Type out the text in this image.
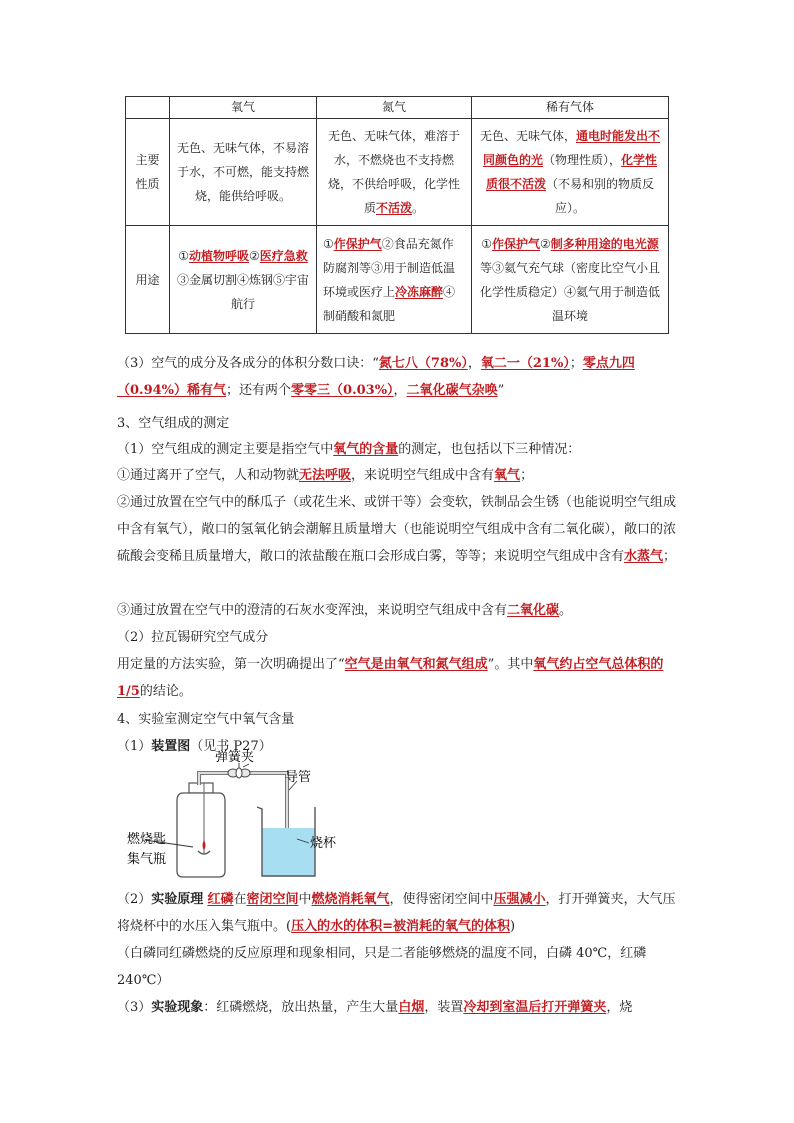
	氧气	氮气	稀有气体
主要性质	无色、无味气体，不易溶于水，不可燃，能支持燃烧，能供给呼吸。	无色、无味气体，难溶于水，不燃烧也不支持燃烧，不供给呼吸，化学性质不活泼。	无色、无味气体，通电时能发出不同颜色的光（物理性质），化学性质很不活泼（不易和别的物质反应）。
用途	①动植物呼吸②医疗急救③金属切割④炼钢⑤宇宙航行	①作保护气②食品充氮作防腐剂等③用于制造低温环境或医疗上冷冻麻醉④制硝酸和氮肥	①作保护气②制多种用途的电光源等③氦气充气球（密度比空气小且化学性质稳定）④氦气用于制造低温环境

（3）空气的成分及各成分的体积分数口诀：“氮七八（78%），氧二一（21%）；零点九四（0.94%）稀有气；还有两个零零三（0.03%），二氧化碳气杂唤”

3、空气组成的测定

（1）空气组成的测定主要是指空气中氧气的含量的测定，也包括以下三种情况：

①通过离开了空气，人和动物就无法呼吸，来说明空气组成中含有氧气；

②通过放置在空气中的酥瓜子（或花生米、或饼干等）会变软，铁制品会生锈（也能说明空气组成中含有氧气），敞口的氢氧化钠会潮解且质量增大（也能说明空气组成中含有二氧化碳），敞口的浓硫酸会变稀且质量增大，敞口的浓盐酸在瓶口会形成白雾，等等；来说明空气组成中含有水蒸气；

③通过放置在空气中的澄清的石灰水变浑浊，来说明空气组成中含有二氧化碳。

（2）拉瓦锡研究空气成分

用定量的方法实验，第一次明确提出了“空气是由氧气和氮气组成”。其中氧气约占空气总体积的1/5的结论。

4、实验室测定空气中氧气含量

（1）装置图（见书 P27）

弹簧夹
导管
燃烧匙
集气瓶
烧杯

（2）实验原理 红磷在密闭空间中燃烧消耗氧气，使得密闭空间中压强减小，打开弹簧夹，大气压将烧杯中的水压入集气瓶中。(压入的水的体积=被消耗的氧气的体积)

（白磷同红磷燃烧的反应原理和现象相同，只是二者能够燃烧的温度不同，白磷 40℃，红磷 240℃）

（3）实验现象：红磷燃烧，放出热量，产生大量白烟，装置冷却到室温后打开弹簧夹，烧
